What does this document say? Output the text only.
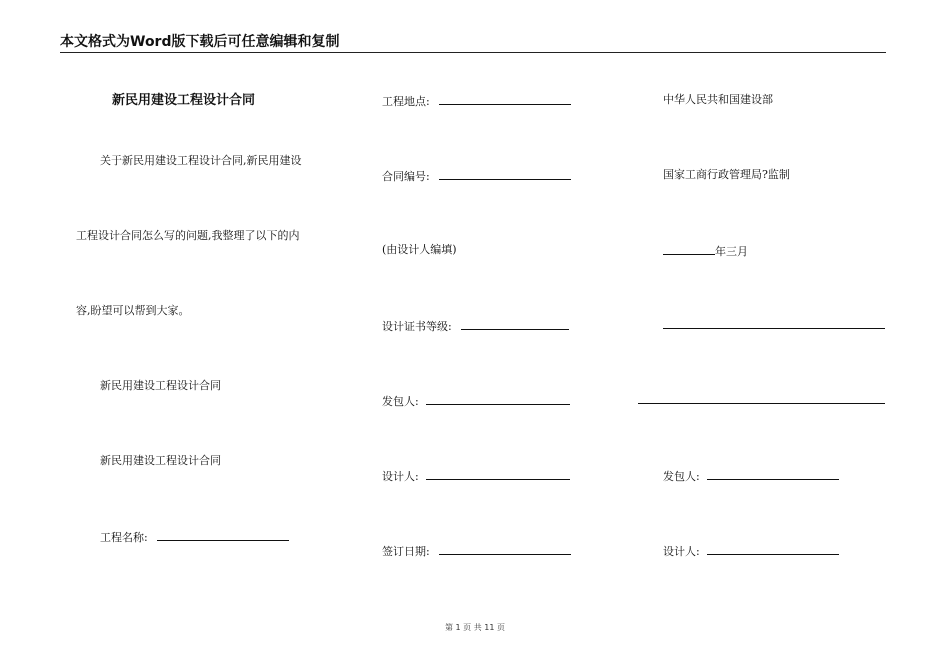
本文格式为Word版下载后可任意编辑和复制
新民用建设工程设计合同
关于新民用建设工程设计合同,新民用建设
工程设计合同怎么写的问题,我整理了以下的内
容,盼望可以帮到大家。
新民用建设工程设计合同
新民用建设工程设计合同
工程名称:
工程地点:
合同编号:
(由设计人编填)
设计证书等级:
发包人:
设计人:
签订日期:
中华人民共和国建设部
国家工商行政管理局?监制
年三月
发包人:
设计人:
第 1 页 共 11 页
